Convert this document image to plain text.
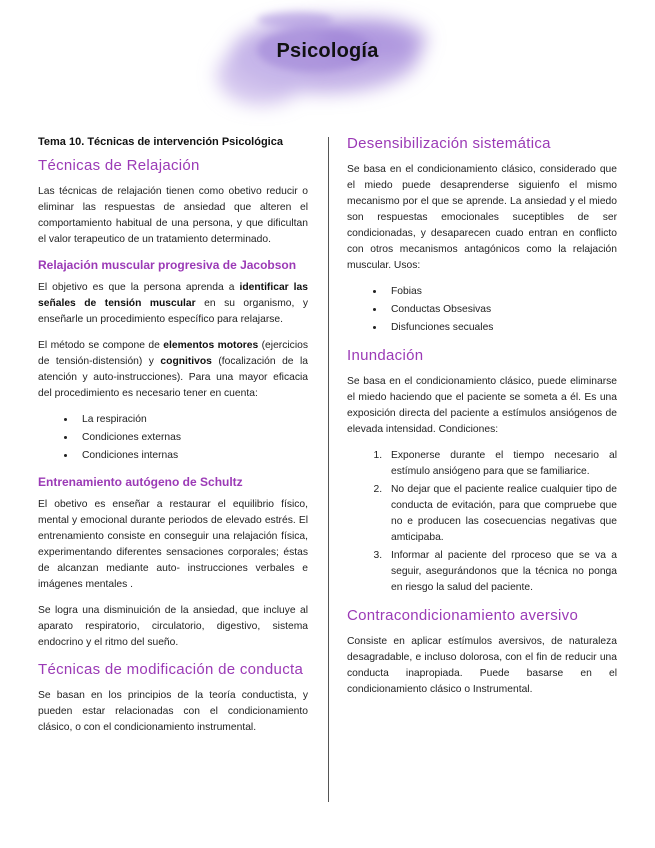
Psicología
Tema 10. Técnicas de intervención Psicológica
Técnicas de Relajación

Las técnicas de relajación tienen como obetivo reducir o eliminar las respuestas de ansiedad que alteren el comportamiento habitual de una persona, y que dificultan el valor terapeutico de un tratamiento determinado.

Relajación muscular progresiva de Jacobson

El objetivo es que la persona aprenda a identificar las señales de tensión muscular en su organismo, y enseñarle un procedimiento específico para relajarse.

El método se compone de elementos motores (ejercicios de tensión-distensión) y cognitivos (focalización de la atención y auto-instrucciones). Para una mayor eficacia del procedimiento es necesario tener en cuenta:

• La respiración
• Condiciones externas
• Condiciones internas
Entrenamiento autógeno de Schultz

El obetivo es enseñar a restaurar el equilibrio físico, mental y emocional durante periodos de elevado estrés. El entrenamiento consiste en conseguir una relajación física, experimentando diferentes sensaciones corporales; éstas de alcanzan mediante auto- instrucciones verbales e imágenes mentales .

Se logra una disminuición de la ansiedad, que incluye al aparato respiratorio, circulatorio, digestivo, sistema endocrino y el ritmo del sueño.

Técnicas de modificación de conducta

Se basan en los principios de la teoría conductista, y pueden estar relacionadas con el condicionamiento clásico, o con el condicionamiento instrumental.

Desensibilización sistemática

Se basa en el condicionamiento clásico, considerado que el miedo puede desaprenderse siguienfo el mismo mecanismo por el que se aprende. La ansiedad y el miedo son respuestas emocionales suceptibles de ser condicionadas, y desaparecen cuado entran en conflicto con otros mecanismos antagónicos como la relajación muscular. Usos:

• Fobias
• Conductas Obsesivas
• Disfunciones secuales
Inundación

Se basa en el condicionamiento clásico, puede eliminarse el miedo haciendo que el paciente se someta a él. Es una exposición directa del paciente a estímulos ansiógenos de elevada intensidad. Condiciones:

1. Exponerse durante el tiempo necesario al estímulo ansiógeno para que se familiarice.
2. No dejar que el paciente realice cualquier tipo de conducta de evitación, para que compruebe que no e producen las cosecuencias negativas que amticipaba.
3. Informar al paciente del rproceso que se va a seguir, asegurándonos que la técnica no ponga en riesgo la salud del paciente.
Contracondicionamiento aversivo

Consiste en aplicar estímulos aversivos, de naturaleza desagradable, e incluso dolorosa, con el fin de reducir una conducta inapropiada. Puede basarse en el condicionamiento clásico o Instrumental.
